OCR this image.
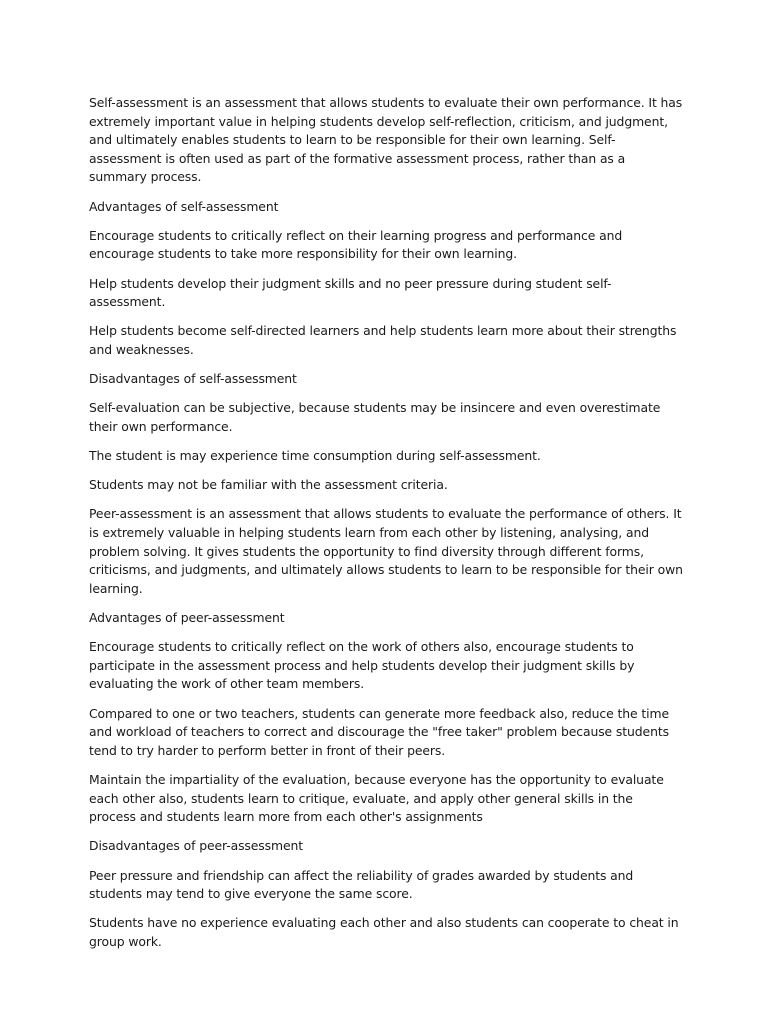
Self-assessment is an assessment that allows students to evaluate their own performance. It has extremely important value in helping students develop self-reflection, criticism, and judgment, and ultimately enables students to learn to be responsible for their own learning. Self-assessment is often used as part of the formative assessment process, rather than as a summary process.

Advantages of self-assessment

Encourage students to critically reflect on their learning progress and performance and encourage students to take more responsibility for their own learning.

Help students develop their judgment skills and no peer pressure during student self-assessment.

Help students become self-directed learners and help students learn more about their strengths and weaknesses.

Disadvantages of self-assessment

Self-evaluation can be subjective, because students may be insincere and even overestimate their own performance.

The student is may experience time consumption during self-assessment.

Students may not be familiar with the assessment criteria.

Peer-assessment is an assessment that allows students to evaluate the performance of others. It is extremely valuable in helping students learn from each other by listening, analysing, and problem solving. It gives students the opportunity to find diversity through different forms, criticisms, and judgments, and ultimately allows students to learn to be responsible for their own learning.

Advantages of peer-assessment

Encourage students to critically reflect on the work of others also, encourage students to participate in the assessment process and help students develop their judgment skills by evaluating the work of other team members.

Compared to one or two teachers, students can generate more feedback also, reduce the time and workload of teachers to correct and discourage the "free taker" problem because students tend to try harder to perform better in front of their peers.

Maintain the impartiality of the evaluation, because everyone has the opportunity to evaluate each other also, students learn to critique, evaluate, and apply other general skills in the process and students learn more from each other's assignments

Disadvantages of peer-assessment

Peer pressure and friendship can affect the reliability of grades awarded by students and students may tend to give everyone the same score.

Students have no experience evaluating each other and also students can cooperate to cheat in group work.
